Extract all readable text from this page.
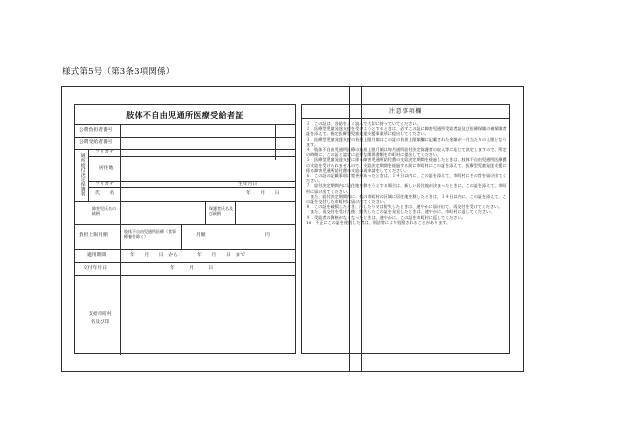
様式第5号（第3条3項関係）
肢体不自由児通所医療受給者証
公費負担者番号
公費受給者番号
通所給付決定保護者
フリガナ
居住地
フリガナ	生年月日
氏　　名	年　　月　　日
障害児氏名の続柄
保護者氏名及び続柄
負担上限月額
肢体不自由児通所医療（食事療養を除く）	月額	円
適用期間	年　　月　　日　から　　　　年　　月　　日　まで
交付年月日	年　　　月　　　日
支給市町村名及び印
注意事項欄

１　この証は、各給をよく読んで大切に持っていてください。

２　医療型児童発達支援を受けようとするときは、必ずこの証に障害児通所受給者証及び医療保険の被保険者証を添えて、指定医療型児童発達支援事業所に提出してください。

３　医療型児童発達支援の負担上限月額はこの証の負担上限額欄に記載された金額が一月当たりの上限となります。

４　肢体不自由児通所医療の負担上限月額は毎月通所給付決定保護者の収入等に応じて決定しますので、所定の時期に、この証と認定に必要な関係書類を市町村に提出してください。

５　医療型児童発達支援に係る障害児通所給付費の支給決定期間を経過したときは、肢体不自由児通所医療費の支給を受けられませんので、支給決定期間を経過する前に市町村にこの証を添えて、医療型児童発達支援に係る障害児通所給付費の支給の再申請をしてください。

６　この証の記載事項に変更があったときは、１４日以内に、この証を添えて、市町村にその旨を届け出てください。

７　給付決定期間内に居住地を移そうとする場合は、新しい居住地が決まったときに、この証を添えて、市町村に届け出てください。

　また、給付決定期間内に、他の市町村の区域に居住地を移したときは、１４日以内に、この証を添えて、この証を交付した市町村に届け出てください。

８　この証を破損したとき、汚したり又は紛失したときは、速やかに届け出て、再交付を受けてください。

　また、再交付を受けた後、紛失したこの証を発見したときは、速やかに、市町村に返してください。

９　受給者の資格がなくなったときは、速やかに、この証を市町村に返してください。

10　不正にこの証を使用した者は、刑法等により処罰されることがあります。
